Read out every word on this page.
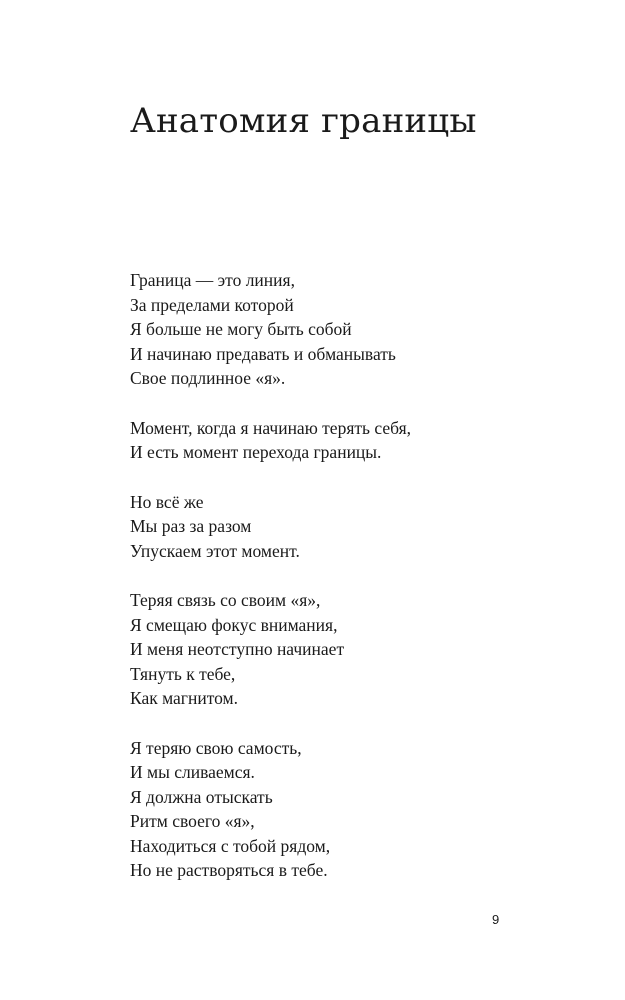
Анатомия границы
Граница — это линия,
За пределами которой
Я больше не могу быть собой
И начинаю предавать и обманывать
Свое подлинное «я».
Момент, когда я начинаю терять себя,
И есть момент перехода границы.
Но всё же
Мы раз за разом
Упускаем этот момент.
Теряя связь со своим «я»,
Я смещаю фокус внимания,
И меня неотступно начинает
Тянуть к тебе,
Как магнитом.
Я теряю свою самость,
И мы сливаемся.
Я должна отыскать
Ритм своего «я»,
Находиться с тобой рядом,
Но не растворяться в тебе.
9
